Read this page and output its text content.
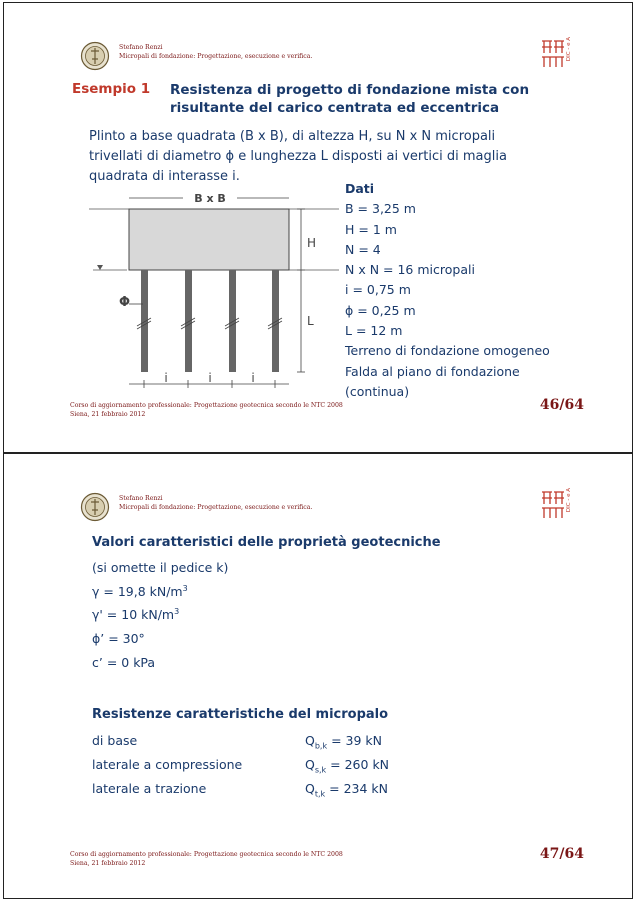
Stefano Renzi
Micropali di fondazione: Progettazione, esecuzione e verifica.	DIC - e A
Esempio 1 Resistenza di progetto di fondazione mista con
risultante del carico centrata ed eccentrica
Plinto a base quadrata (B x B), di altezza H, su N x N micropali
trivellati di diametro ϕ e lunghezza L disposti ai vertici di maglia
quadrata di interasse i.
B x B
H
Φ
L
i	i	i
Dati
B = 3,25 m
H = 1 m
N = 4
N x N = 16 micropali
i = 0,75 m
ϕ = 0,25 m
L = 12 m
Terreno di fondazione omogeneo
Falda al piano di fondazione
(continua)
Corso di aggiornamento professionale: Progettazione geotecnica secondo le NTC 2008
Siena, 21 febbraio 2012
46/64
Stefano Renzi
Micropali di fondazione: Progettazione, esecuzione e verifica.	DIC - e A
Valori caratteristici delle proprietà geotecniche
(si omette il pedice k)
γ = 19,8 $kN/m^3$
γ' = 10 $kN/m^3$
ϕ’ = 30°
c’ = 0 kPa
Resistenze caratteristiche del micropalo
di base	$Q_{b,k} = 39$ kN
laterale a compressione	$Q_{s,k} = 260$ kN
laterale a trazione	$Q_{t,k} = 234$ kN
Corso di aggiornamento professionale: Progettazione geotecnica secondo le NTC 2008
Siena, 21 febbraio 2012
47/64
